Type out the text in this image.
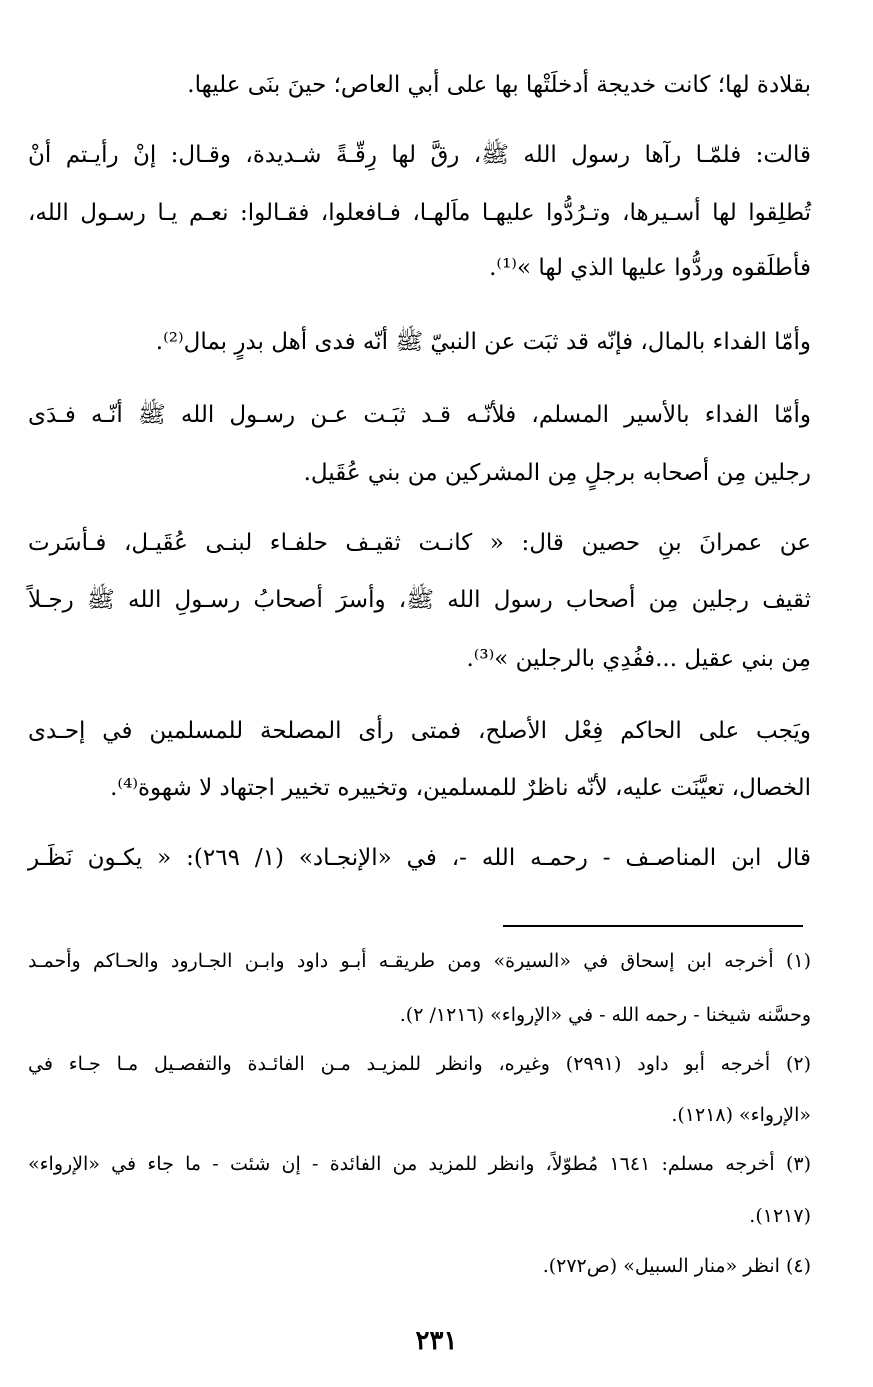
بقلادة لها؛ كانت خديجة أدخلَتْها بها على أبي العاص؛ حينَ بنَى عليها.
قالت: فلمّـا رآها رسول الله ﷺ، رقَّ لها رِقّـةً شـديدة، وقـال: إنْ رأيـتم أنْ
تُطلِقوا لها أسـيرها، وتـرُدُّوا عليهـا ماَلهـا، فـافعلوا، فقـالوا: نعـم يـا رسـول الله،
فأطلَقوه وردُّوا عليها الذي لها »⁽¹⁾.
وأمّا الفداء بالمال، فإنّه قد ثبَت عن النبيّ ﷺ أنّه فدى أهل بدرٍ بمال⁽²⁾.
وأمّا الفداء بالأسير المسلم، فلأنّـه قـد ثبَـت عـن رسـول الله ﷺ أنّـه فـدَى
رجلين مِن أصحابه برجلٍ مِن المشركين من بني عُقَيل.
عن عمرانَ بنِ حصين قال: « كانـت ثقيـف حلفـاء لبنـى عُقَيـل، فـأسَرت
ثقيف رجلين مِن أصحاب رسول الله ﷺ، وأسرَ أصحابُ رسـولِ الله ﷺ رجـلاً
مِن بني عقيل ...ففُدِي بالرجلين »⁽³⁾.
ويَجب على الحاكم فِعْل الأصلح، فمتى رأى المصلحة للمسلمين في إحـدى
الخصال، تعيَّنَت عليه، لأنّه ناظرٌ للمسلمين، وتخييره تخيير اجتهاد لا شهوة⁽⁴⁾.
قال ابن المناصـف - رحمـه الله -، في «الإنجـاد» (١/ ٢٦٩): « يكـون نَظَـر
(١) أخرجه ابن إسحاق في «السيرة» ومن طريقـه أبـو داود وابـن الجـارود والحـاكم وأحمـد
وحسَّنه شيخنا - رحمه الله - في «الإرواء» (١٢١٦/ ٢).
(٢) أخرجه أبو داود (٢٩٩١) وغيره، وانظر للمزيـد مـن الفائـدة والتفصـيل مـا جـاء في
«الإرواء» (١٢١٨).
(٣) أخرجه مسلم: ١٦٤١ مُطوّلاً، وانظر للمزيد من الفائدة - إن شئت - ما جاء في «الإرواء»
(١٢١٧).
(٤) انظر «منار السبيل» (ص٢٧٢).
٢٣١
